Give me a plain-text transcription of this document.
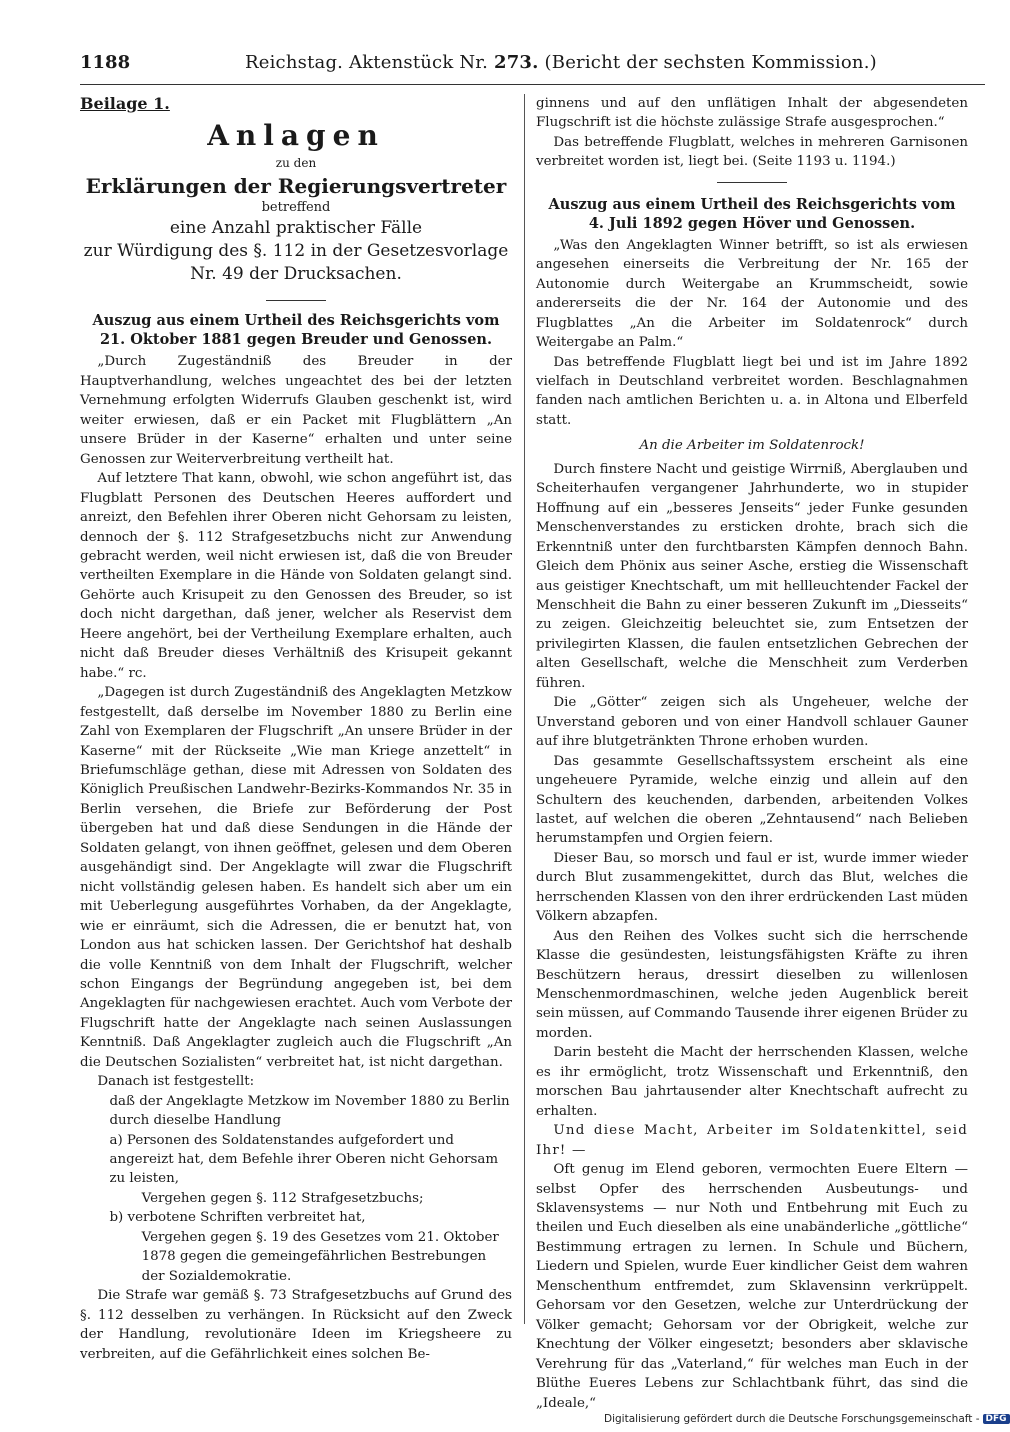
1188	Reichstag. Aktenstück Nr. 273. (Bericht der sechsten Kommission.)

Beilage 1.

Anlagen

zu den

Erklärungen der Regierungsvertreter

betreffend

eine Anzahl praktischer Fälle

zur Würdigung des §. 112 in der Gesetzesvorlage

Nr. 49 der Drucksachen.

Auszug aus einem Urtheil des Reichsgerichts vom
21. Oktober 1881 gegen Breuder und Genossen.

„Durch Zugeständniß des Breuder in der Hauptverhandlung, welches ungeachtet des bei der letzten Vernehmung erfolgten Widerrufs Glauben geschenkt ist, wird weiter erwiesen, daß er ein Packet mit Flugblättern „An unsere Brüder in der Kaserne“ erhalten und unter seine Genossen zur Weiterverbreitung vertheilt hat.

Auf letztere That kann, obwohl, wie schon angeführt ist, das Flugblatt Personen des Deutschen Heeres auffordert und anreizt, den Befehlen ihrer Oberen nicht Gehorsam zu leisten, dennoch der §. 112 Strafgesetzbuchs nicht zur Anwendung gebracht werden, weil nicht erwiesen ist, daß die von Breuder vertheilten Exemplare in die Hände von Soldaten gelangt sind. Gehörte auch Krisupeit zu den Genossen des Breuder, so ist doch nicht dargethan, daß jener, welcher als Reservist dem Heere angehört, bei der Vertheilung Exemplare erhalten, auch nicht daß Breuder dieses Verhältniß des Krisupeit gekannt habe.“ rc.

„Dagegen ist durch Zugeständniß des Angeklagten Metzkow festgestellt, daß derselbe im November 1880 zu Berlin eine Zahl von Exemplaren der Flugschrift „An unsere Brüder in der Kaserne“ mit der Rückseite „Wie man Kriege anzettelt“ in Briefumschläge gethan, diese mit Adressen von Soldaten des Königlich Preußischen Landwehr-Bezirks-Kommandos Nr. 35 in Berlin versehen, die Briefe zur Beförderung der Post übergeben hat und daß diese Sendungen in die Hände der Soldaten gelangt, von ihnen geöffnet, gelesen und dem Oberen ausgehändigt sind. Der Angeklagte will zwar die Flugschrift nicht vollständig gelesen haben. Es handelt sich aber um ein mit Ueberlegung ausgeführtes Vorhaben, da der Angeklagte, wie er einräumt, sich die Adressen, die er benutzt hat, von London aus hat schicken lassen. Der Gerichtshof hat deshalb die volle Kenntniß von dem Inhalt der Flugschrift, welcher schon Eingangs der Begründung angegeben ist, bei dem Angeklagten für nachgewiesen erachtet. Auch vom Verbote der Flugschrift hatte der Angeklagte nach seinen Auslassungen Kenntniß. Daß Angeklagter zugleich auch die Flugschrift „An die Deutschen Sozialisten“ verbreitet hat, ist nicht dargethan.

Danach ist festgestellt:

daß der Angeklagte Metzkow im November 1880 zu Berlin durch dieselbe Handlung

a) Personen des Soldatenstandes aufgefordert und angereizt hat, dem Befehle ihrer Oberen nicht Gehorsam zu leisten,

Vergehen gegen §. 112 Strafgesetzbuchs;

b) verbotene Schriften verbreitet hat,

Vergehen gegen §. 19 des Gesetzes vom 21. Oktober 1878 gegen die gemeingefährlichen Bestrebungen der Sozialdemokratie.

Die Strafe war gemäß §. 73 Strafgesetzbuchs auf Grund des §. 112 desselben zu verhängen. In Rücksicht auf den Zweck der Handlung, revolutionäre Ideen im Kriegsheere zu verbreiten, auf die Gefährlichkeit eines solchen Be-

ginnens und auf den unflätigen Inhalt der abgesendeten Flugschrift ist die höchste zulässige Strafe ausgesprochen.“

Das betreffende Flugblatt, welches in mehreren Garnisonen verbreitet worden ist, liegt bei. (Seite 1193 u. 1194.)

Auszug aus einem Urtheil des Reichsgerichts vom
4. Juli 1892 gegen Höver und Genossen.

„Was den Angeklagten Winner betrifft, so ist als erwiesen angesehen einerseits die Verbreitung der Nr. 165 der Autonomie durch Weitergabe an Krummscheidt, sowie andererseits die der Nr. 164 der Autonomie und des Flugblattes „An die Arbeiter im Soldatenrock“ durch Weitergabe an Palm.“

Das betreffende Flugblatt liegt bei und ist im Jahre 1892 vielfach in Deutschland verbreitet worden. Beschlagnahmen fanden nach amtlichen Berichten u. a. in Altona und Elberfeld statt.

An die Arbeiter im Soldatenrock!

Durch finstere Nacht und geistige Wirrniß, Aberglauben und Scheiterhaufen vergangener Jahrhunderte, wo in stupider Hoffnung auf ein „besseres Jenseits“ jeder Funke gesunden Menschenverstandes zu ersticken drohte, brach sich die Erkenntniß unter den furchtbarsten Kämpfen dennoch Bahn. Gleich dem Phönix aus seiner Asche, erstieg die Wissenschaft aus geistiger Knechtschaft, um mit hellleuchtender Fackel der Menschheit die Bahn zu einer besseren Zukunft im „Diesseits“ zu zeigen. Gleichzeitig beleuchtet sie, zum Entsetzen der privilegirten Klassen, die faulen entsetzlichen Gebrechen der alten Gesellschaft, welche die Menschheit zum Verderben führen.

Die „Götter“ zeigen sich als Ungeheuer, welche der Unverstand geboren und von einer Handvoll schlauer Gauner auf ihre blutgetränkten Throne erhoben wurden.

Das gesammte Gesellschaftssystem erscheint als eine ungeheuere Pyramide, welche einzig und allein auf den Schultern des keuchenden, darbenden, arbeitenden Volkes lastet, auf welchen die oberen „Zehntausend“ nach Belieben herumstampfen und Orgien feiern.

Dieser Bau, so morsch und faul er ist, wurde immer wieder durch Blut zusammengekittet, durch das Blut, welches die herrschenden Klassen von den ihrer erdrückenden Last müden Völkern abzapfen.

Aus den Reihen des Volkes sucht sich die herrschende Klasse die gesündesten, leistungsfähigsten Kräfte zu ihren Beschützern heraus, dressirt dieselben zu willenlosen Menschenmordmaschinen, welche jeden Augenblick bereit sein müssen, auf Commando Tausende ihrer eigenen Brüder zu morden.

Darin besteht die Macht der herrschenden Klassen, welche es ihr ermöglicht, trotz Wissenschaft und Erkenntniß, den morschen Bau jahrtausender alter Knechtschaft aufrecht zu erhalten.

Und diese Macht, Arbeiter im Soldatenkittel, seid Ihr! —

Oft genug im Elend geboren, vermochten Euere Eltern — selbst Opfer des herrschenden Ausbeutungs- und Sklavensystems — nur Noth und Entbehrung mit Euch zu theilen und Euch dieselben als eine unabänderliche „göttliche“ Bestimmung ertragen zu lernen. In Schule und Büchern, Liedern und Spielen, wurde Euer kindlicher Geist dem wahren Menschenthum entfremdet, zum Sklavensinn verkrüppelt. Gehorsam vor den Gesetzen, welche zur Unterdrückung der Völker gemacht; Gehorsam vor der Obrigkeit, welche zur Knechtung der Völker eingesetzt; besonders aber sklavische Verehrung für das „Vaterland,“ für welches man Euch in der Blüthe Eueres Lebens zur Schlachtbank führt, das sind die „Ideale,“

Digitalisierung gefördert durch die Deutsche Forschungsgemeinschaft - DFG
